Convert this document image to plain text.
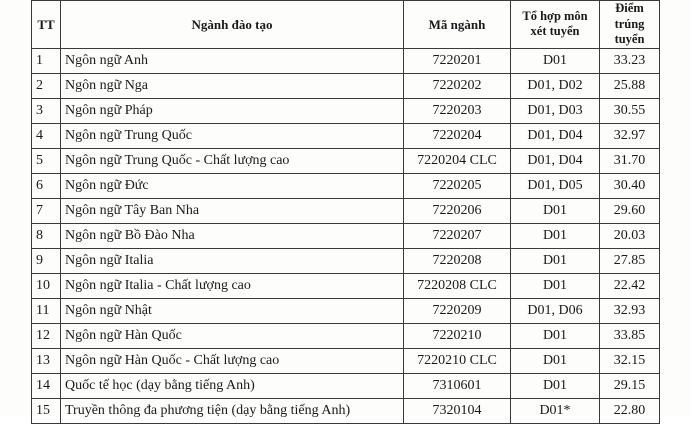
TT	Ngành đào tạo	Mã ngành	Tổ hợp môn xét tuyển	Điểm trúng tuyển
1	Ngôn ngữ Anh	7220201	D01	33.23
2	Ngôn ngữ Nga	7220202	D01, D02	25.88
3	Ngôn ngữ Pháp	7220203	D01, D03	30.55
4	Ngôn ngữ Trung Quốc	7220204	D01, D04	32.97
5	Ngôn ngữ Trung Quốc - Chất lượng cao	7220204 CLC	D01, D04	31.70
6	Ngôn ngữ Đức	7220205	D01, D05	30.40
7	Ngôn ngữ Tây Ban Nha	7220206	D01	29.60
8	Ngôn ngữ Bồ Đào Nha	7220207	D01	20.03
9	Ngôn ngữ Italia	7220208	D01	27.85
10	Ngôn ngữ Italia - Chất lượng cao	7220208 CLC	D01	22.42
11	Ngôn ngữ Nhật	7220209	D01, D06	32.93
12	Ngôn ngữ Hàn Quốc	7220210	D01	33.85
13	Ngôn ngữ Hàn Quốc - Chất lượng cao	7220210 CLC	D01	32.15
14	Quốc tế học (dạy bằng tiếng Anh)	7310601	D01	29.15
15	Truyền thông đa phương tiện (dạy bằng tiếng Anh)	7320104	D01*	22.80
